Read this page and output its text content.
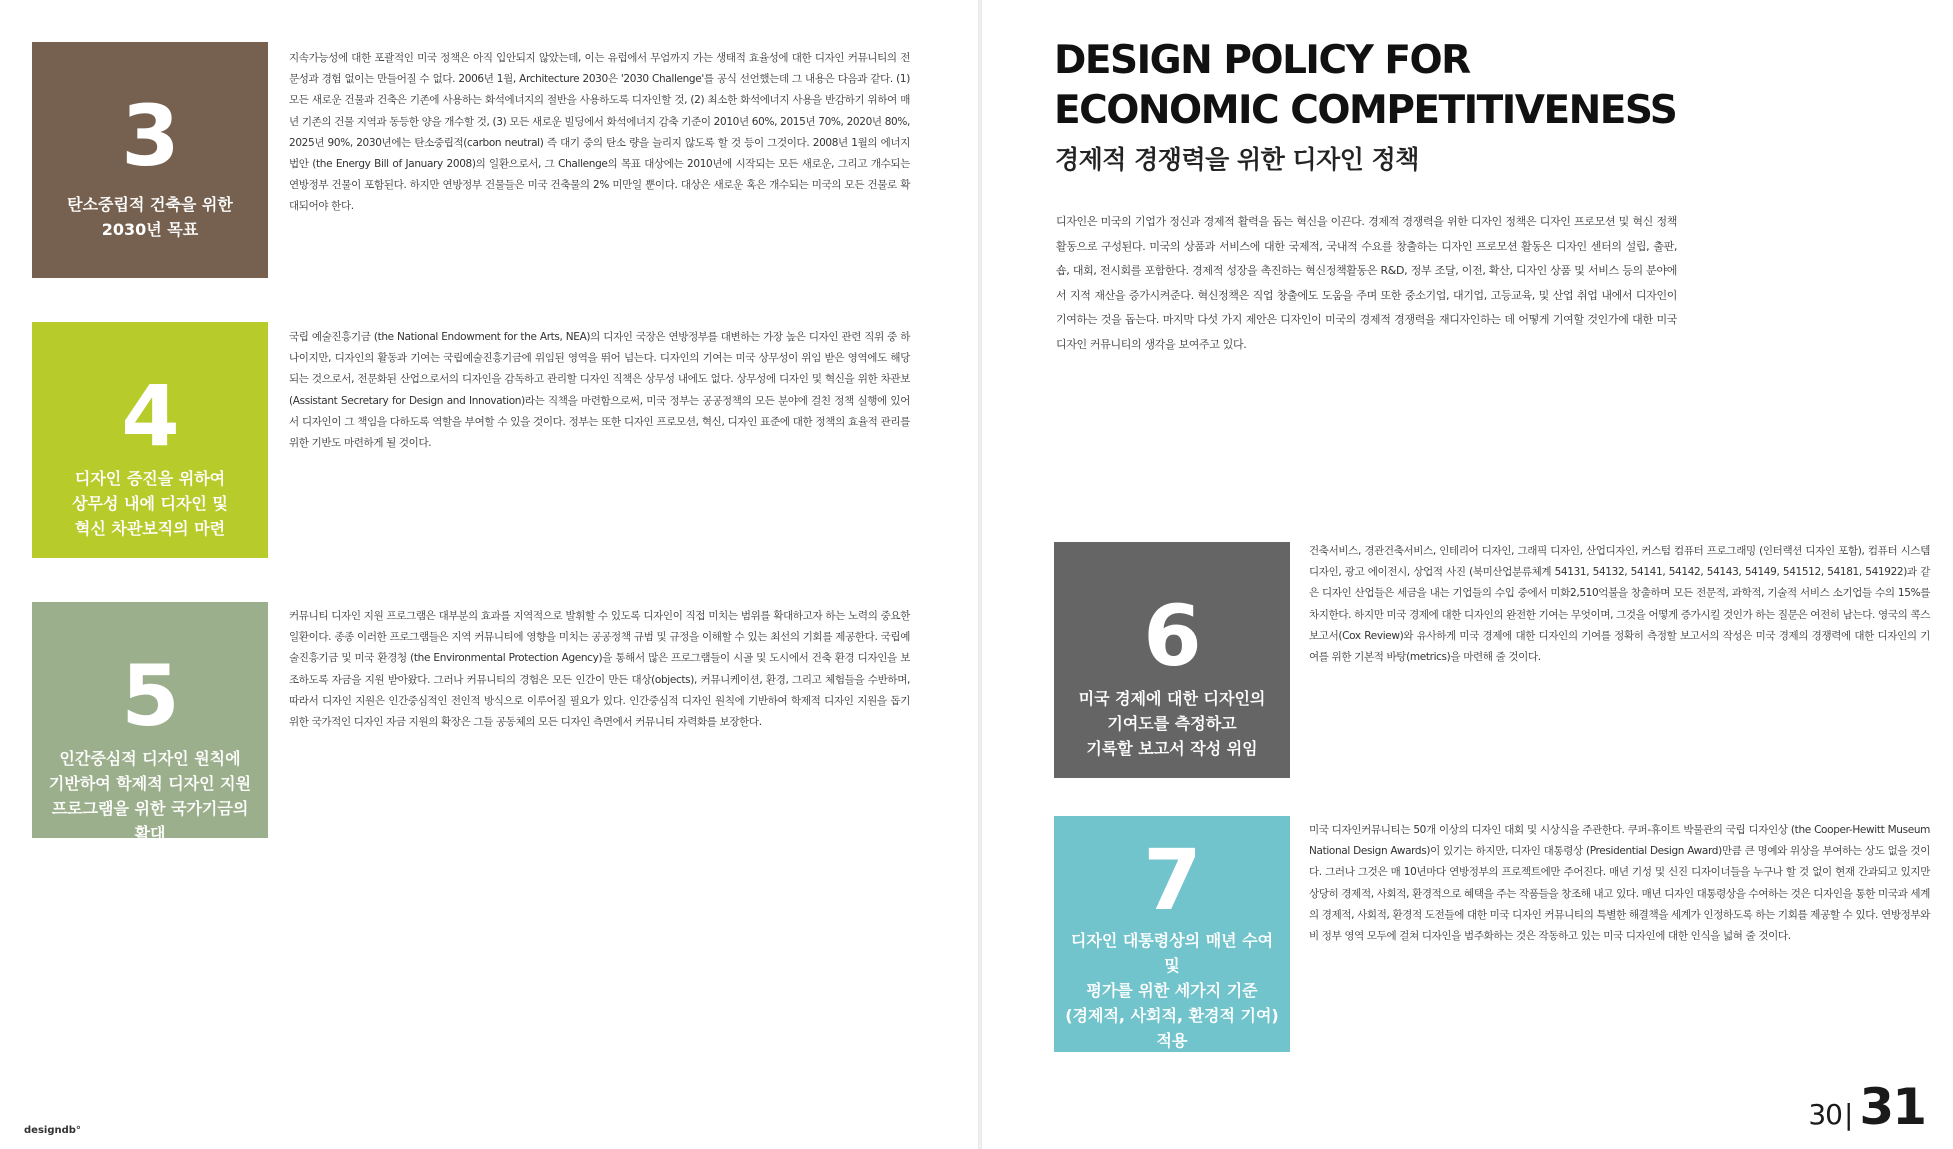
3
탄소중립적 건축을 위한
2030년 목표

지속가능성에 대한 포괄적인 미국 정책은 아직 입안되지 않았는데, 이는 유럽에서 무엄까지 가는 생태적 효율성에 대한 디자인 커뮤니티의 전문성과 경험 없이는 만들어질 수 없다. 2006년 1월, Architecture 2030은 '2030 Challenge'를 공식 선언했는데 그 내용은 다음과 같다. (1) 모든 새로운 건물과 건축은 기존에 사용하는 화석에너지의 절반을 사용하도록 디자인할 것, (2) 최소한 화석에너지 사용을 반감하기 위하여 매년 기존의 건물 지역과 동등한 양을 개수할 것, (3) 모든 새로운 빌딩에서 화석에너지 감축 기준이 2010년 60%, 2015년 70%, 2020년 80%, 2025년 90%, 2030년에는 탄소중립적(carbon neutral) 즉 대기 중의 탄소 량을 늘리지 않도록 할 것 등이 그것이다. 2008년 1월의 에너지 법안 (the Energy Bill of January 2008)의 일환으로서, 그 Challenge의 목표 대상에는 2010년에 시작되는 모든 새로운, 그리고 개수되는 연방정부 건물이 포함된다. 하지만 연방정부 건물들은 미국 건축물의 2% 미만일 뿐이다. 대상은 새로운 혹은 개수되는 미국의 모든 건물로 확대되어야 한다.

4
디자인 증진을 위하여
상무성 내에 디자인 및
혁신 차관보직의 마련

국립 예술진흥기금 (the National Endowment for the Arts, NEA)의 디자인 국장은 연방정부를 대변하는 가장 높은 디자인 관련 직위 중 하나이지만, 디자인의 활동과 기여는 국립예술진흥기금에 위임된 영역을 뛰어 넘는다. 디자인의 기여는 미국 상무성이 위임 받은 영역에도 해당되는 것으로서, 전문화된 산업으로서의 디자인을 감독하고 관리할 디자인 직책은 상무성 내에도 없다. 상무성에 디자인 및 혁신을 위한 차관보 (Assistant Secretary for Design and Innovation)라는 직책을 마련함으로써, 미국 정부는 공공정책의 모든 분야에 걸친 정책 실행에 있어서 디자인이 그 책임을 다하도록 역할을 부여할 수 있을 것이다. 정부는 또한 디자인 프로모션, 혁신, 디자인 표준에 대한 정책의 효율적 관리를 위한 기반도 마련하게 될 것이다.

5
인간중심적 디자인 원칙에
기반하여 학제적 디자인 지원
프로그램을 위한 국가기금의 확대

커뮤니티 디자인 지원 프로그램은 대부분의 효과를 지역적으로 발휘할 수 있도록 디자인이 직접 미치는 범위를 확대하고자 하는 노력의 중요한 일환이다. 종종 이러한 프로그램들은 지역 커뮤니티에 영향을 미치는 공공정책 규범 및 규정을 이해할 수 있는 최선의 기회를 제공한다. 국립예술진흥기금 및 미국 환경청 (the Environmental Protection Agency)을 통해서 많은 프로그램들이 시골 및 도시에서 건축 환경 디자인을 보조하도록 자금을 지원 받아왔다. 그러나 커뮤니티의 경험은 모든 인간이 만든 대상(objects), 커뮤니케이션, 환경, 그리고 체험들을 수반하며, 따라서 디자인 지원은 인간중심적인 전인적 방식으로 이루어질 필요가 있다. 인간중심적 디자인 원칙에 기반하여 학제적 디자인 지원을 돕기 위한 국가적인 디자인 자금 지원의 확장은 그들 공동체의 모든 디자인 측면에서 커뮤니티 자력화를 보장한다.

DESIGN POLICY FOR
ECONOMIC COMPETITIVENESS
경제적 경쟁력을 위한 디자인 정책

디자인은 미국의 기업가 정신과 경제적 활력을 돕는 혁신을 이끈다. 경제적 경쟁력을 위한 디자인 정책은 디자인 프로모션 및 혁신 정책 활동으로 구성된다. 미국의 상품과 서비스에 대한 국제적, 국내적 수요를 창출하는 디자인 프로모션 활동은 디자인 센터의 설립, 출판, 숍, 대회, 전시회를 포함한다. 경제적 성장을 촉진하는 혁신정책활동은 R&D, 정부 조달, 이전, 확산, 디자인 상품 및 서비스 등의 분야에서 지적 재산을 증가시켜준다. 혁신정책은 직업 창출에도 도움을 주며 또한 중소기업, 대기업, 고등교육, 및 산업 취업 내에서 디자인이 기여하는 것을 돕는다. 마지막 다섯 가지 제안은 디자인이 미국의 경제적 경쟁력을 재디자인하는 데 어떻게 기여할 것인가에 대한 미국 디자인 커뮤니티의 생각을 보여주고 있다.

6
미국 경제에 대한 디자인의
기여도를 측정하고
기록할 보고서 작성 위임

건축서비스, 경관건축서비스, 인테리어 디자인, 그래픽 디자인, 산업디자인, 커스텀 컴퓨터 프로그래밍 (인터랙션 디자인 포함), 컴퓨터 시스템 디자인, 광고 에이전시, 상업적 사진 (북미산업분류체계 54131, 54132, 54141, 54142, 54143, 54149, 541512, 54181, 541922)과 같은 디자인 산업들은 세금을 내는 기업들의 수입 중에서 미화2,510억불을 창출하며 모든 전문적, 과학적, 기술적 서비스 소기업들 수의 15%를 차지한다. 하지만 미국 경제에 대한 디자인의 완전한 기여는 무엇이며, 그것을 어떻게 증가시킬 것인가 하는 질문은 여전히 남는다. 영국의 콕스 보고서(Cox Review)와 유사하게 미국 경제에 대한 디자인의 기여를 정확히 측정할 보고서의 작성은 미국 경제의 경쟁력에 대한 디자인의 기여를 위한 기본적 바탕(metrics)을 마련해 줄 것이다.

7
디자인 대통령상의 매년 수여 및
평가를 위한 세가지 기준
(경제적, 사회적, 환경적 기여)
적용

미국 디자인커뮤니티는 50개 이상의 디자인 대회 및 시상식을 주관한다. 쿠퍼-휴이트 박물관의 국립 디자인상 (the Cooper-Hewitt Museum National Design Awards)이 있기는 하지만, 디자인 대통령상 (Presidential Design Award)만큼 큰 명예와 위상을 부여하는 상도 없을 것이다. 그러나 그것은 매 10년마다 연방정부의 프로젝트에만 주어진다. 매년 기성 및 신진 디자이너들을 누구나 할 것 없이 현재 간과되고 있지만 상당히 경제적, 사회적, 환경적으로 혜택을 주는 작품들을 창조해 내고 있다. 매년 디자인 대통령상을 수여하는 것은 디자인을 통한 미국과 세계의 경제적, 사회적, 환경적 도전들에 대한 미국 디자인 커뮤니티의 특별한 해결책을 세계가 인정하도록 하는 기회를 제공할 수 있다. 연방정부와 비 정부 영역 모두에 걸쳐 디자인을 범주화하는 것은 작동하고 있는 미국 디자인에 대한 인식을 넓혀 줄 것이다.

designdb°	30| 31
